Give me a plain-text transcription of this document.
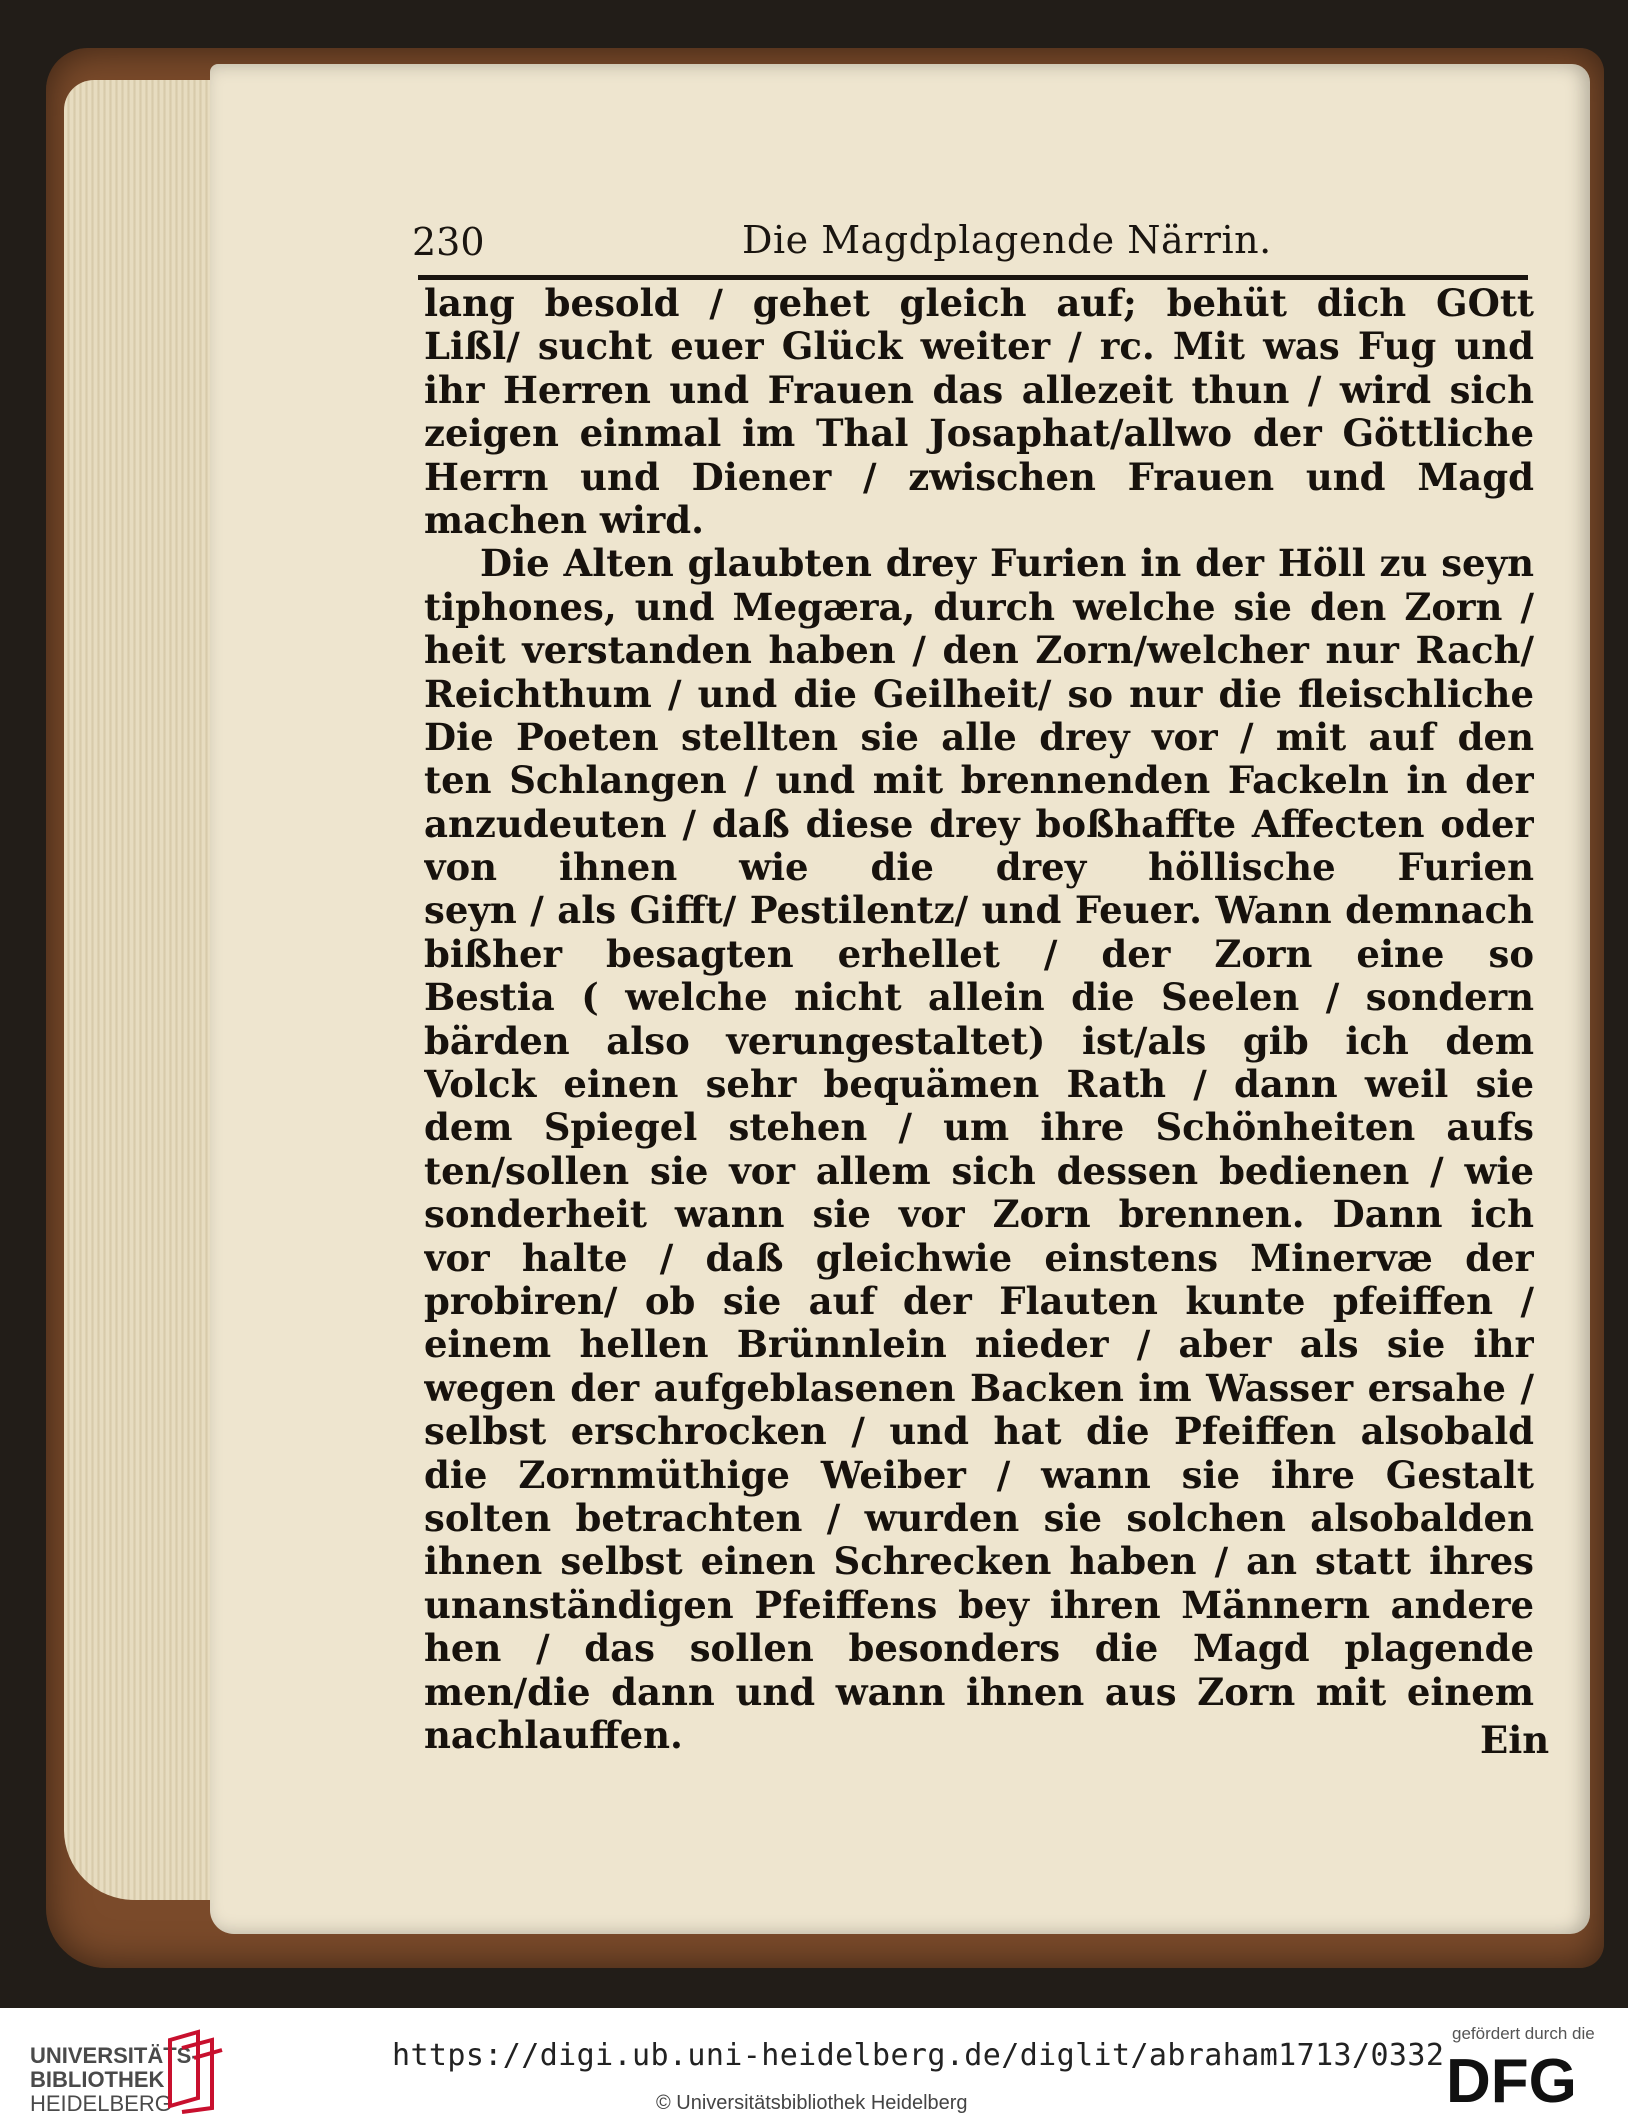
230	Die Magdplagende Närrin.
lang besold / gehet gleich auf; behüt dich GOtt
Lißl/ sucht euer Glück weiter / rc. Mit was Fug und
ihr Herren und Frauen das allezeit thun / wird sich
zeigen einmal im Thal Josaphat/allwo der Göttliche
Herrn und Diener / zwischen Frauen und Magd
machen wird.
Die Alten glaubten drey Furien in der Höll zu seyn
tiphones, und Megæra, durch welche sie den Zorn /
heit verstanden haben / den Zorn/welcher nur Rach/
Reichthum / und die Geilheit/ so nur die fleischliche
Die Poeten stellten sie alle drey vor / mit auf den
ten Schlangen / und mit brennenden Fackeln in der
anzudeuten / daß diese drey boßhaffte Affecten oder
von ihnen wie die drey höllische Furien
seyn / als Gifft/ Pestilentz/ und Feuer. Wann demnach
bißher besagten erhellet / der Zorn eine so
Bestia ( welche nicht allein die Seelen / sondern
bärden also verungestaltet) ist/als gib ich dem
Volck einen sehr bequämen Rath / dann weil sie
dem Spiegel stehen / um ihre Schönheiten aufs
ten/sollen sie vor allem sich dessen bedienen / wie
sonderheit wann sie vor Zorn brennen. Dann ich
vor halte / daß gleichwie einstens Minervæ der
probiren/ ob sie auf der Flauten kunte pfeiffen /
einem hellen Brünnlein nieder / aber als sie ihr
wegen der aufgeblasenen Backen im Wasser ersahe /
selbst erschrocken / und hat die Pfeiffen alsobald
die Zornmüthige Weiber / wann sie ihre Gestalt
solten betrachten / wurden sie solchen alsobalden
ihnen selbst einen Schrecken haben / an statt ihres
unanständigen Pfeiffens bey ihren Männern andere
hen / das sollen besonders die Magd plagende
men/die dann und wann ihnen aus Zorn mit einem
nachlauffen.	Ein
UNIVERSITÄTS-
BIBLIOTHEK
HEIDELBERG
https://digi.ub.uni-heidelberg.de/diglit/abraham1713/0332
© Universitätsbibliothek Heidelberg
gefördert durch die
DFG
